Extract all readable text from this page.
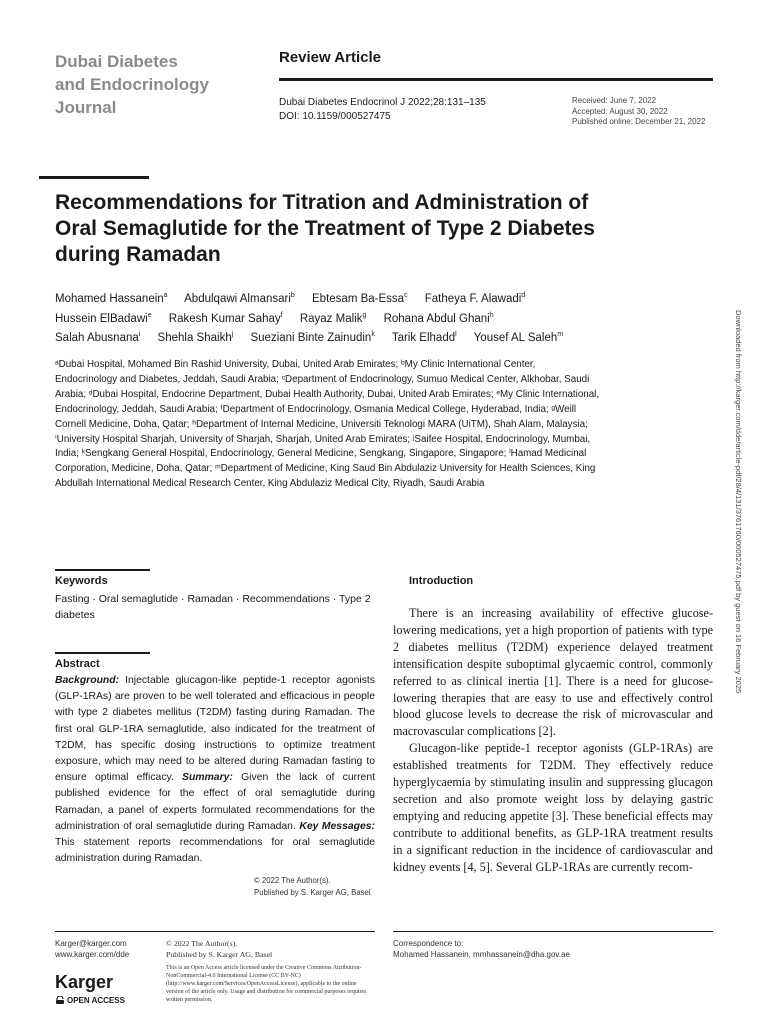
Dubai Diabetes
and Endocrinology
Journal
Review Article
Dubai Diabetes Endocrinol J 2022;28:131–135
DOI: 10.1159/000527475
Received: June 7, 2022
Accepted: August 30, 2022
Published online: December 21, 2022
Recommendations for Titration and Administration of Oral Semaglutide for the Treatment of Type 2 Diabetes during Ramadan
Mohamed Hassanein$^a$ Abdulqawi Almansari$^b$ Ebtesam Ba-Essa$^c$ Fatheya F. Alawadi$^d$
Hussein ElBadawi$^e$ Rakesh Kumar Sahay$^f$ Rayaz Malik$^g$ Rohana Abdul Ghani$^h$
Salah Abusnana$^i$ Shehla Shaikh$^j$ Sueziani Binte Zainudin$^k$ Tarik Elhadd$^l$ Yousef AL Saleh$^m$
ᵃDubai Hospital, Mohamed Bin Rashid University, Dubai, United Arab Emirates; ᵇMy Clinic International Center, Endocrinology and Diabetes, Jeddah, Saudi Arabia; ᶜDepartment of Endocrinology, Sumuo Medical Center, Alkhobar, Saudi Arabia; ᵈDubai Hospital, Endocrine Department, Dubai Health Authority, Dubai, United Arab Emirates; ᵉMy Clinic International, Endocrinology, Jeddah, Saudi Arabia; ᶠDepartment of Endocrinology, Osmania Medical College, Hyderabad, India; ᵍWeill Cornell Medicine, Doha, Qatar; ʰDepartment of Internal Medicine, Universiti Teknologi MARA (UiTM), Shah Alam, Malaysia; ⁱUniversity Hospital Sharjah, University of Sharjah, Sharjah, United Arab Emirates; ʲSaifee Hospital, Endocrinology, Mumbai, India; ᵏSengkang General Hospital, Endocrinology, General Medicine, Sengkang, Singapore, Singapore; ˡHamad Medicinal Corporation, Medicine, Doha, Qatar; ᵐDepartment of Medicine, King Saud Bin Abdulaziz University for Health Sciences, King Abdullah International Medical Research Center, King Abdulaziz Medical City, Riyadh, Saudi Arabia	Downloaded from http://karger.com/dde/article-pdf/28/4/131/3761760/000527475.pdf by guest on 16 February 2025
Keywords
Fasting · Oral semaglutide · Ramadan · Recommendations · Type 2 diabetes
Abstract
Background: Injectable glucagon-like peptide-1 receptor agonists (GLP-1RAs) are proven to be well tolerated and efficacious in people with type 2 diabetes mellitus (T2DM) fasting during Ramadan. The first oral GLP-1RA semaglutide, also indicated for the treatment of T2DM, has specific dosing instructions to optimize treatment exposure, which may need to be altered during Ramadan fasting to ensure optimal efficacy. Summary: Given the lack of current published evidence for the effect of oral semaglutide during Ramadan, a panel of experts formulated recommendations for the administration of oral semaglutide during Ramadan. Key Messages: This statement reports recommendations for oral semaglutide administration during Ramadan.
© 2022 The Author(s).
Published by S. Karger AG, Basel
Introduction

There is an increasing availability of effective glucose-lowering medications, yet a high proportion of patients with type 2 diabetes mellitus (T2DM) experience delayed treatment intensification despite suboptimal glycaemic control, commonly referred to as clinical inertia [1]. There is a need for glucose-lowering therapies that are easy to use and effectively control blood glucose levels to decrease the risk of microvascular and macrovascular complications [2].

Glucagon-like peptide-1 receptor agonists (GLP-1RAs) are established treatments for T2DM. They effectively reduce hyperglycaemia by stimulating insulin and suppressing glucagon secretion and also promote weight loss by delaying gastric emptying and reducing appetite [3]. These beneficial effects may contribute to additional benefits, as GLP-1RA treatment results in a significant reduction in the incidence of cardiovascular and kidney events [4, 5]. Several GLP-1RAs are currently recom-

Karger@karger.com
www.karger.com/dde
© 2022 The Author(s).
Published by S. Karger AG, Basel
This is an Open Access article licensed under the Creative Commons Attribution-NonCommercial-4.0 International License (CC BY-NC) (http://www.karger.com/Services/OpenAccessLicense), applicable to the online version of the article only. Usage and distribution for commercial purposes requires written permission.
Correspondence to:
Mohamed Hassanein, mmhassanein@dha.gov.ae
Karger
OPEN ACCESS
